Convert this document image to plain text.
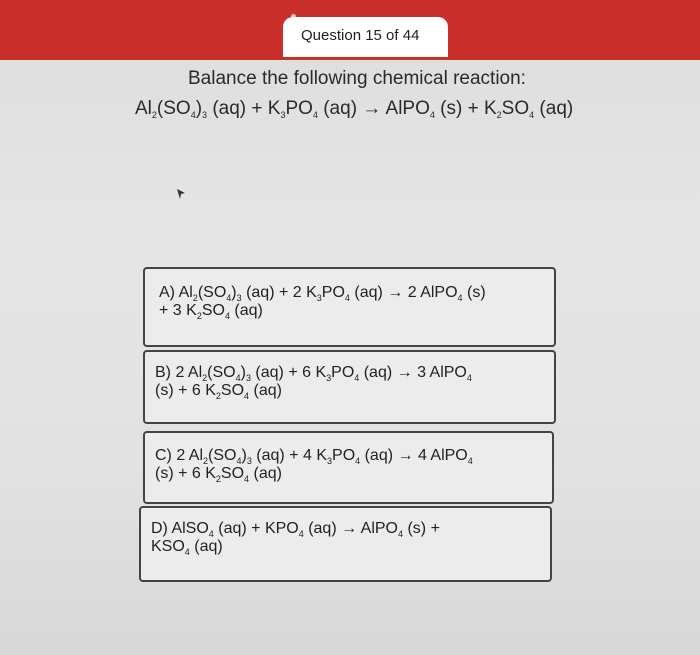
Question 15 of 44
Balance the following chemical reaction:
$Al_2(SO_4)_3$ $(aq) + K_3PO_4$ (aq) → AlPO$_4$ $(s) + K_2SO_4$ (aq)
A) $Al_2(SO_4)_3$ (aq) + 2 $K_3PO_4$ (aq) → 2 AlPO$_4$ (s)
+ 3 $K_2SO_4$ (aq)
B) 2 $Al_2(SO_4)_3$ (aq) + 6 $K_3PO_4$ (aq) → 3 AlPO$_4$
(s) + 6 $K_2SO_4$ (aq)
C) 2 $Al_2(SO_4)_3$ (aq) + 4 $K_3PO_4$ (aq) → 4 AlPO$_4$
(s) + 6 $K_2SO_4$ (aq)
D) AlSO$_4$ $(aq) + KPO_4$ (aq) → AlPO$_4$ (s) +
$KSO_4$ (aq)
